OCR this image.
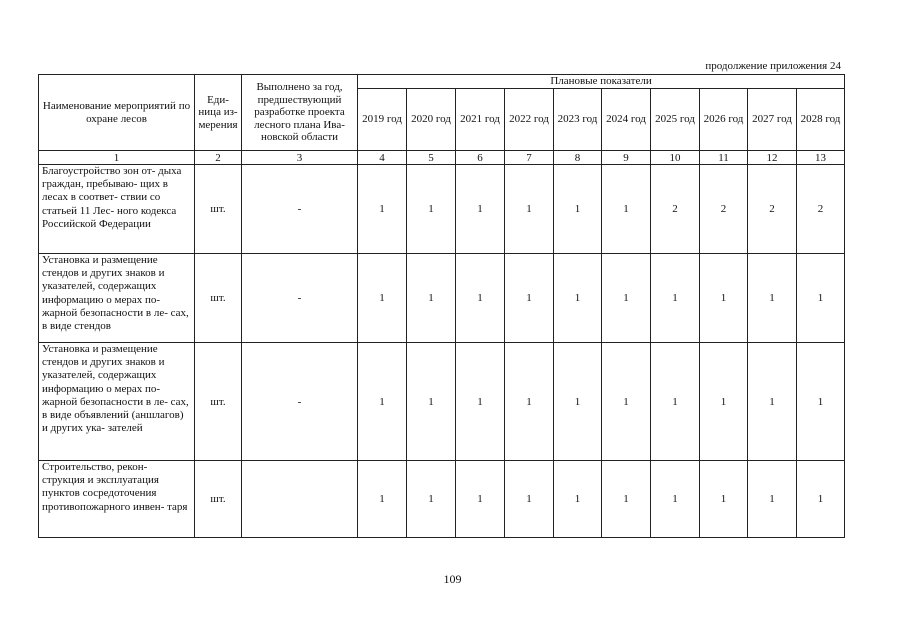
продолжение приложения 24
Наименование мероприятий по охране лесов	Еди- ница из- мерения	Выполнено за год, предшествующий разработке проекта лесного плана Ива- новской области	Плановые показатели									
			2019 год	2020 год	2021 год	2022 год	2023 год	2024 год	2025 год	2026 год	2027 год	2028 год
1	2	3	4	5	6	7	8	9	10	11	12	13
Благоустройство зон от- дыха граждан, пребываю- щих в лесах в соответ- ствии со статьей 11 Лес- ного кодекса Российской Федерации	шт.	-	1	1	1	1	1	1	2	2	2	2
Установка и размещение стендов и других знаков и указателей, содержащих информацию о мерах по- жарной безопасности в ле- сах, в виде стендов	шт.	-	1	1	1	1	1	1	1	1	1	1
Установка и размещение стендов и других знаков и указателей, содержащих информацию о мерах по- жарной безопасности в ле- сах, в виде объявлений (аншлагов) и других ука- зателей	шт.	-	1	1	1	1	1	1	1	1	1	1
Строительство, рекон- струкция и эксплуатация пунктов сосредоточения противопожарного инвен- таря	шт.		1	1	1	1	1	1	1	1	1	1
109
